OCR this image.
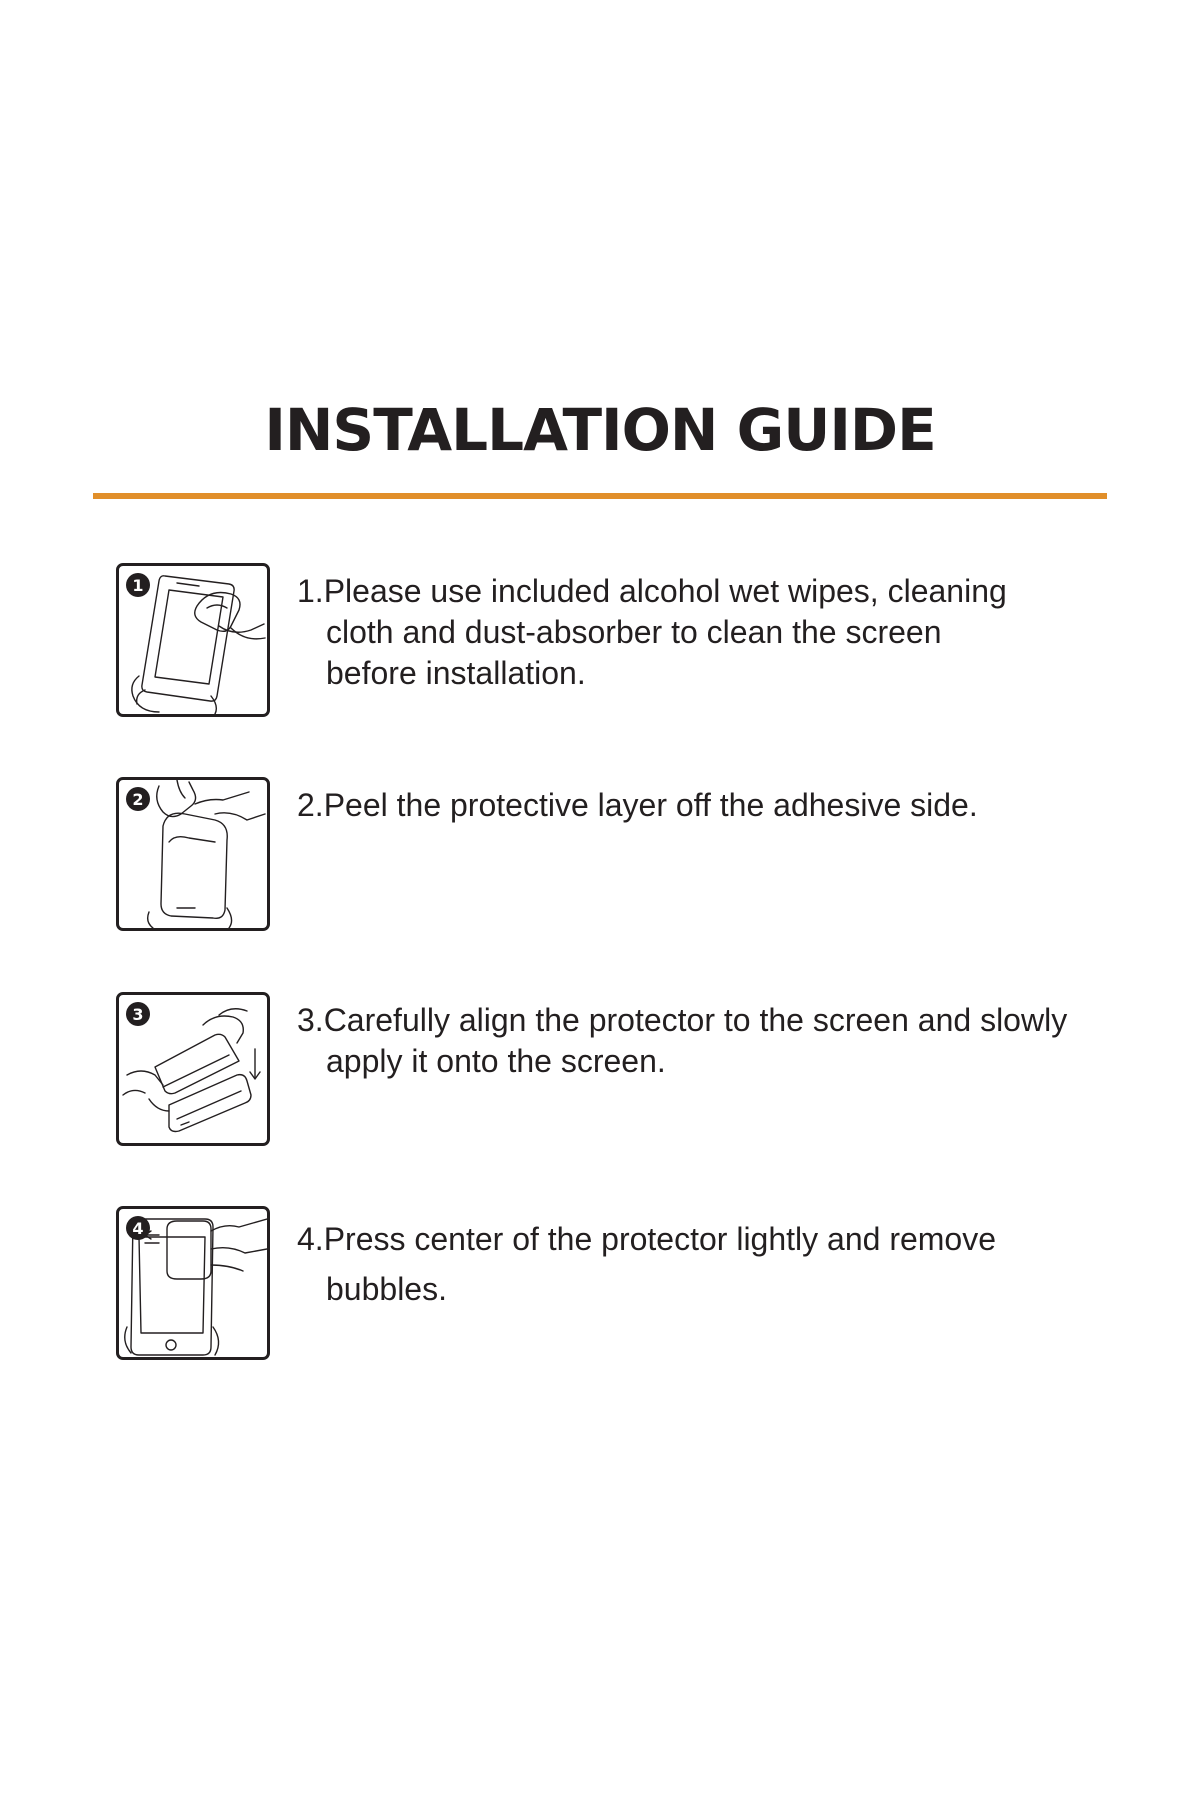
INSTALLATION GUIDE
1	1.Please use included alcohol wet wipes, cleaning
cloth and dust-absorber to clean the screen
before installation.
2	2.Peel the protective layer off the adhesive side.
3	3.Carefully align the protector to the screen and slowly
apply it onto the screen.
4	4.Press center of the protector lightly and remove
bubbles.
